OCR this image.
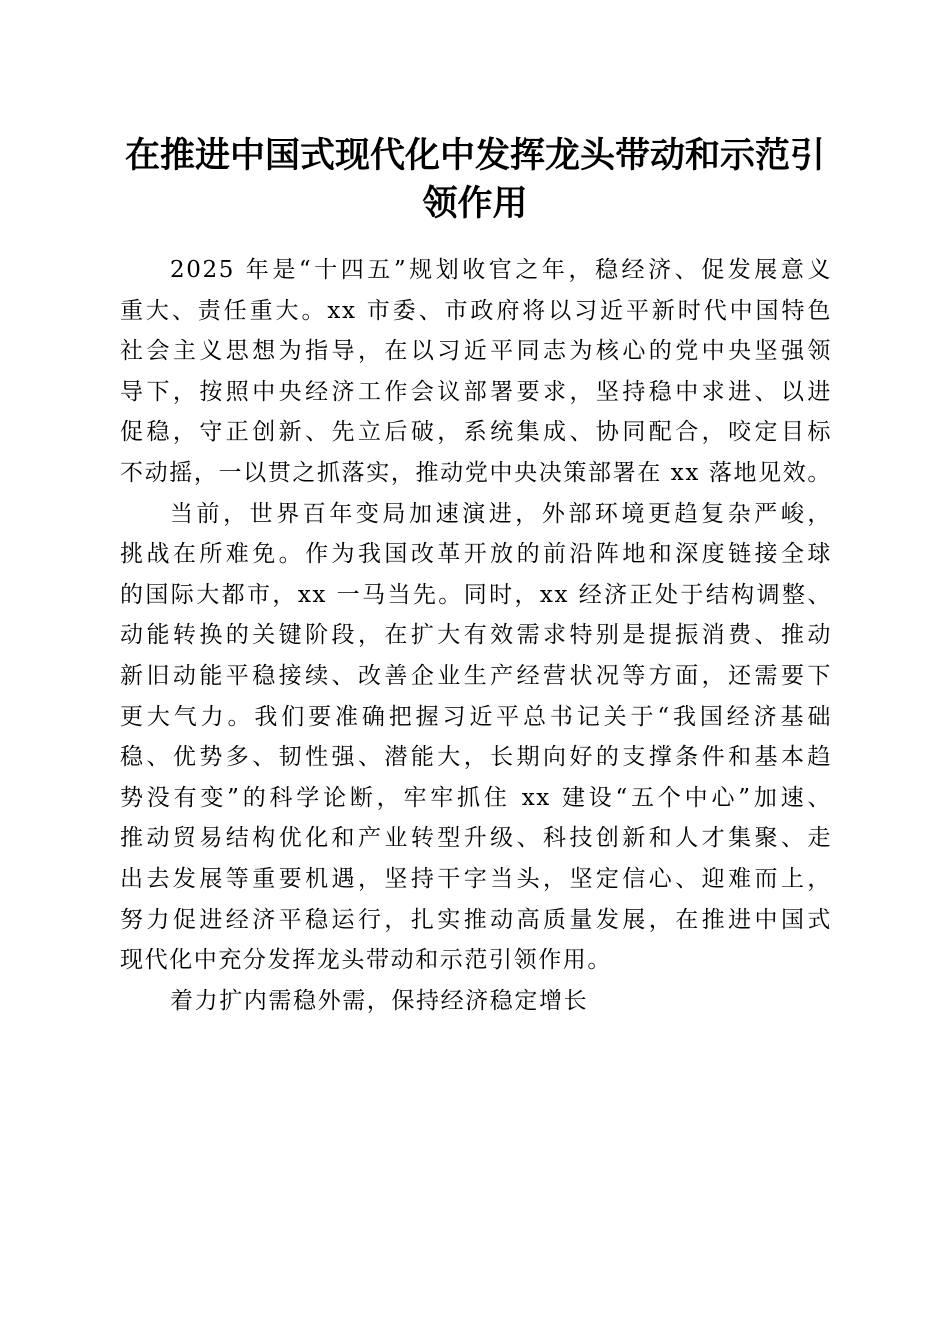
在推进中国式现代化中发挥龙头带动和示范引
领作用

2025 年是“十四五”规划收官之年，稳经济、促发展意义
重大、责任重大。xx 市委、市政府将以习近平新时代中国特色
社会主义思想为指导，在以习近平同志为核心的党中央坚强领
导下，按照中央经济工作会议部署要求，坚持稳中求进、以进
促稳，守正创新、先立后破，系统集成、协同配合，咬定目标
不动摇，一以贯之抓落实，推动党中央决策部署在 xx 落地见效。

当前，世界百年变局加速演进，外部环境更趋复杂严峻，
挑战在所难免。作为我国改革开放的前沿阵地和深度链接全球
的国际大都市，xx 一马当先。同时，xx 经济正处于结构调整、
动能转换的关键阶段，在扩大有效需求特别是提振消费、推动
新旧动能平稳接续、改善企业生产经营状况等方面，还需要下
更大气力。我们要准确把握习近平总书记关于“我国经济基础
稳、优势多、韧性强、潜能大，长期向好的支撑条件和基本趋
势没有变”的科学论断，牢牢抓住 xx 建设“五个中心”加速、
推动贸易结构优化和产业转型升级、科技创新和人才集聚、走
出去发展等重要机遇，坚持干字当头，坚定信心、迎难而上，
努力促进经济平稳运行，扎实推动高质量发展，在推进中国式
现代化中充分发挥龙头带动和示范引领作用。

着力扩内需稳外需，保持经济稳定增长
